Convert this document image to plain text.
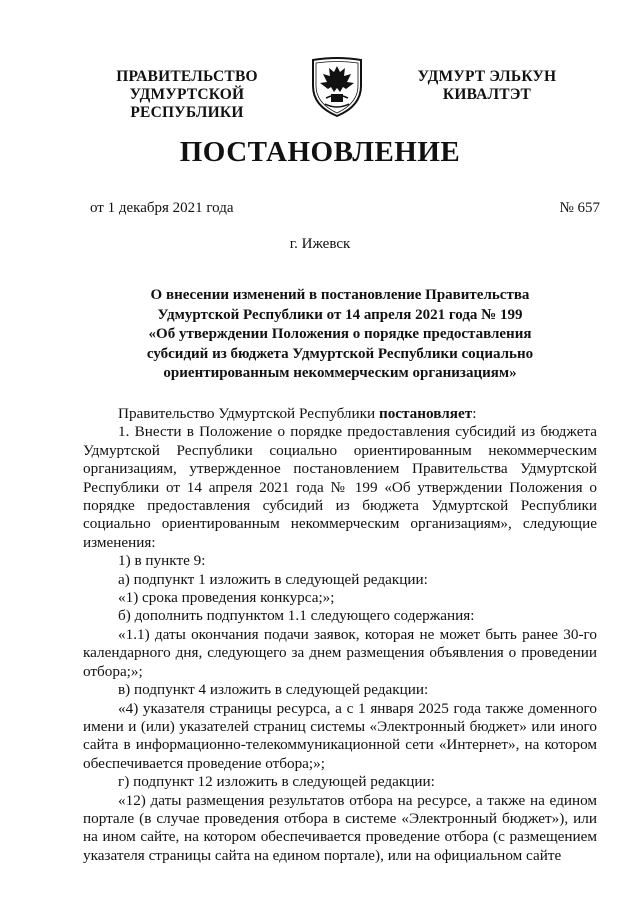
ПРАВИТЕЛЬСТВО
УДМУРТСКОЙ РЕСПУБЛИКИ
УДМУРТ ЭЛЬКУН
КИВАЛТЭТ
ПОСТАНОВЛЕНИЕ
от 1 декабря 2021 года	№ 657
г. Ижевск
О внесении изменений в постановление Правительства
Удмуртской Республики от 14 апреля 2021 года № 199
«Об утверждении Положения о порядке предоставления
субсидий из бюджета Удмуртской Республики социально
ориентированным некоммерческим организациям»

Правительство Удмуртской Республики постановляет:

1. Внести в Положение о порядке предоставления субсидий из бюджета Удмуртской Республики социально ориентированным некоммерческим организациям, утвержденное постановлением Правительства Удмуртской Республики от 14 апреля 2021 года № 199 «Об утверждении Положения о порядке предоставления субсидий из бюджета Удмуртской Республики социально ориентированным некоммерческим организациям», следующие изменения:

1) в пункте 9:

а) подпункт 1 изложить в следующей редакции:

«1) срока проведения конкурса;»;

б) дополнить подпунктом 1.1 следующего содержания:

«1.1) даты окончания подачи заявок, которая не может быть ранее 30-го календарного дня, следующего за днем размещения объявления о проведении отбора;»;

в) подпункт 4 изложить в следующей редакции:

«4) указателя страницы ресурса, а с 1 января 2025 года также доменного имени и (или) указателей страниц системы «Электронный бюджет» или иного сайта в информационно-телекоммуникационной сети «Интернет», на котором обеспечивается проведение отбора;»;

г) подпункт 12 изложить в следующей редакции:

«12) даты размещения результатов отбора на ресурсе, а также на едином портале (в случае проведения отбора в системе «Электронный бюджет»), или на ином сайте, на котором обеспечивается проведение отбора (с размещением указателя страницы сайта на едином портале), или на официальном сайте
